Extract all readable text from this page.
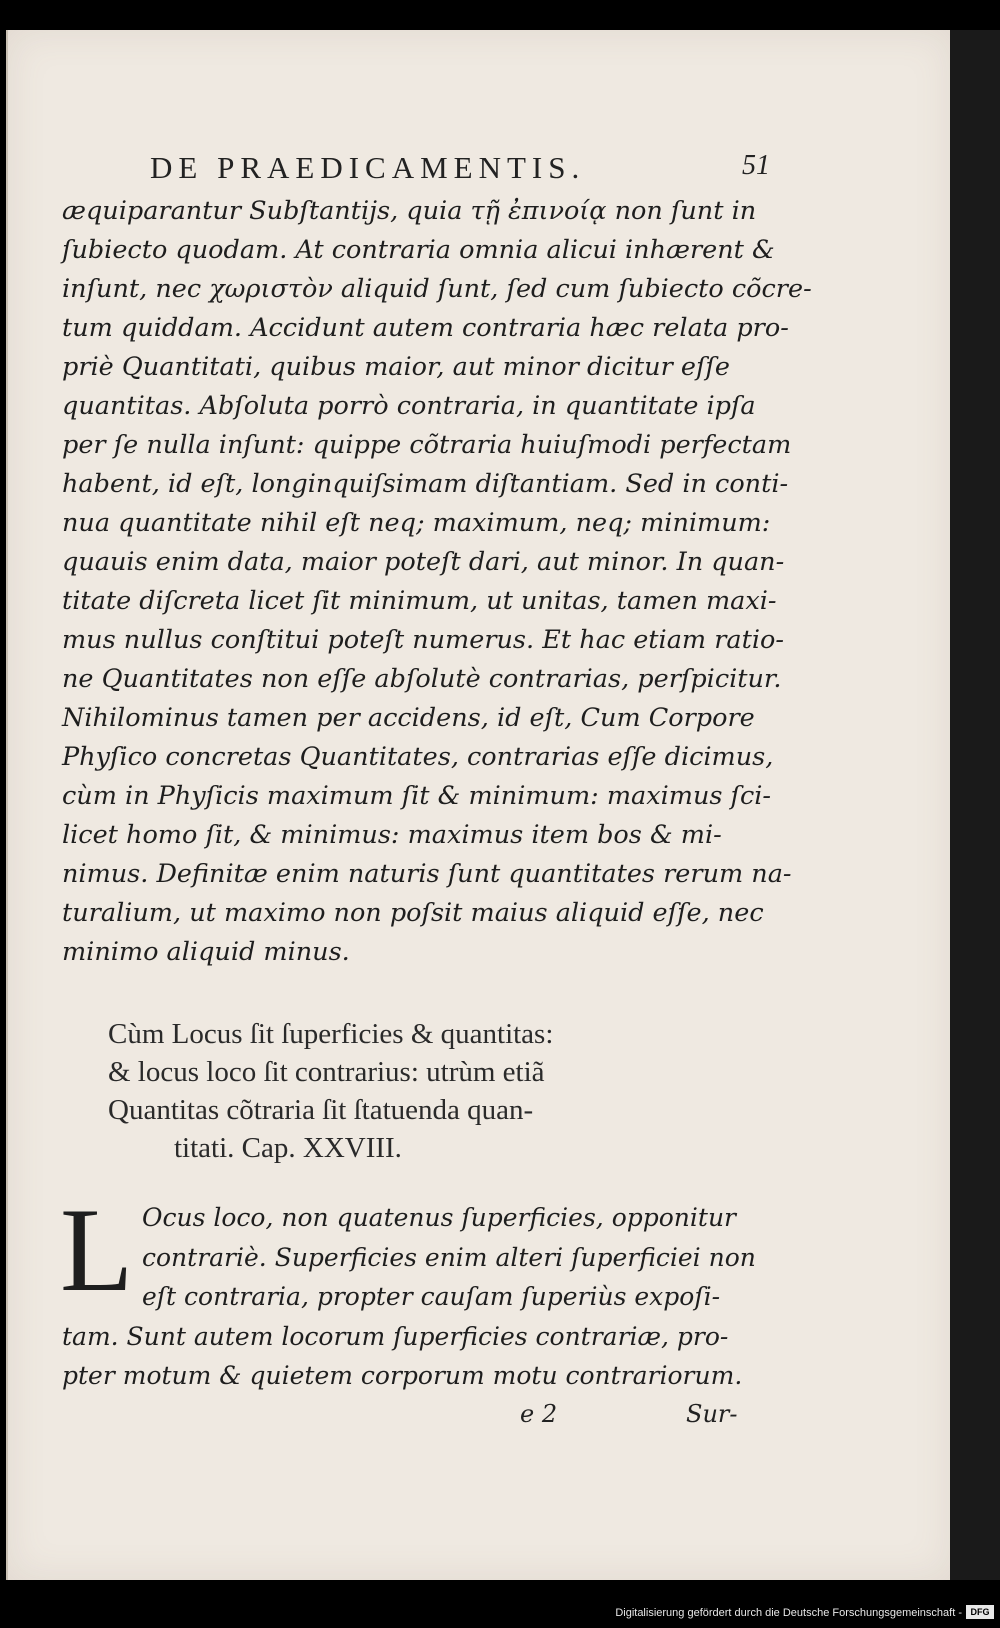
DE PRAEDICAMENTIS.	51
æquiparantur Subſtantijs, quia τῇ ἐπινοίᾳ non ſunt in
ſubiecto quodam. At contraria omnia alicui inhærent &
inſunt, nec χωριστὸν aliquid ſunt, ſed cum ſubiecto cõcre-
tum quiddam. Accidunt autem contraria hæc relata pro-
priè Quantitati, quibus maior, aut minor dicitur eſſe
quantitas. Abſoluta porrò contraria, in quantitate ipſa
per ſe nulla inſunt: quippe cõtraria huiuſmodi perfectam
habent, id eſt, longinquiſsimam diſtantiam. Sed in conti-
nua quantitate nihil eſt neq; maximum, neq; minimum:
quauis enim data, maior poteſt dari, aut minor. In quan-
titate diſcreta licet ſit minimum, ut unitas, tamen maxi-
mus nullus conſtitui poteſt numerus. Et hac etiam ratio-
ne Quantitates non eſſe abſolutè contrarias, perſpicitur.
Nihilominus tamen per accidens, id eſt, Cum Corpore
Phyſico concretas Quantitates, contrarias eſſe dicimus,
cùm in Phyſicis maximum ſit & minimum: maximus ſci-
licet homo ſit, & minimus: maximus item bos & mi-
nimus. Definitæ enim naturis ſunt quantitates rerum na-
turalium, ut maximo non poſsit maius aliquid eſſe, nec
minimo aliquid minus.
Cùm Locus ſit ſuperficies & quantitas:
& locus loco ſit contrarius: utrùm etiã
Quantitas cõtraria ſit ſtatuenda quan-
titati. Cap. XXVIII.
L Ocus loco, non quatenus ſuperficies, opponitur
contrariè. Superficies enim alteri ſuperficiei non
eſt contraria, propter cauſam ſuperiùs expoſi-
tam. Sunt autem locorum ſuperficies contrariæ, pro-
pter motum & quietem corporum motu contrariorum.
e 2	Sur-
Digitalisierung gefördert durch die Deutsche Forschungsgemeinschaft - DFG
